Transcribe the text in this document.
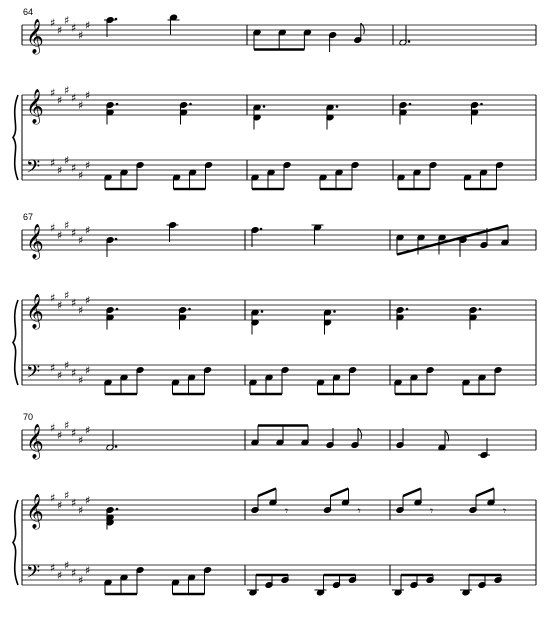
64
𝄞 ♯
♯
♯
♯
♯
♯
𝄞 ♯
♯
♯
♯
♯
♯
𝄢 ♯
♯
♯
♯
♯
♯
67
𝄞 ♯
♯
♯
♯
♯
♯
𝄞 ♯
♯
♯
♯
♯
♯
𝄢 ♯
♯
♯
♯
♯
♯
70
𝄞 ♯
♯
♯
♯
♯
♯
𝄞 ♯
♯
♯
♯
♯
♯
𝄢 ♯
♯
♯
♯
♯
♯
𝄾	𝄾	𝄾	𝄾
